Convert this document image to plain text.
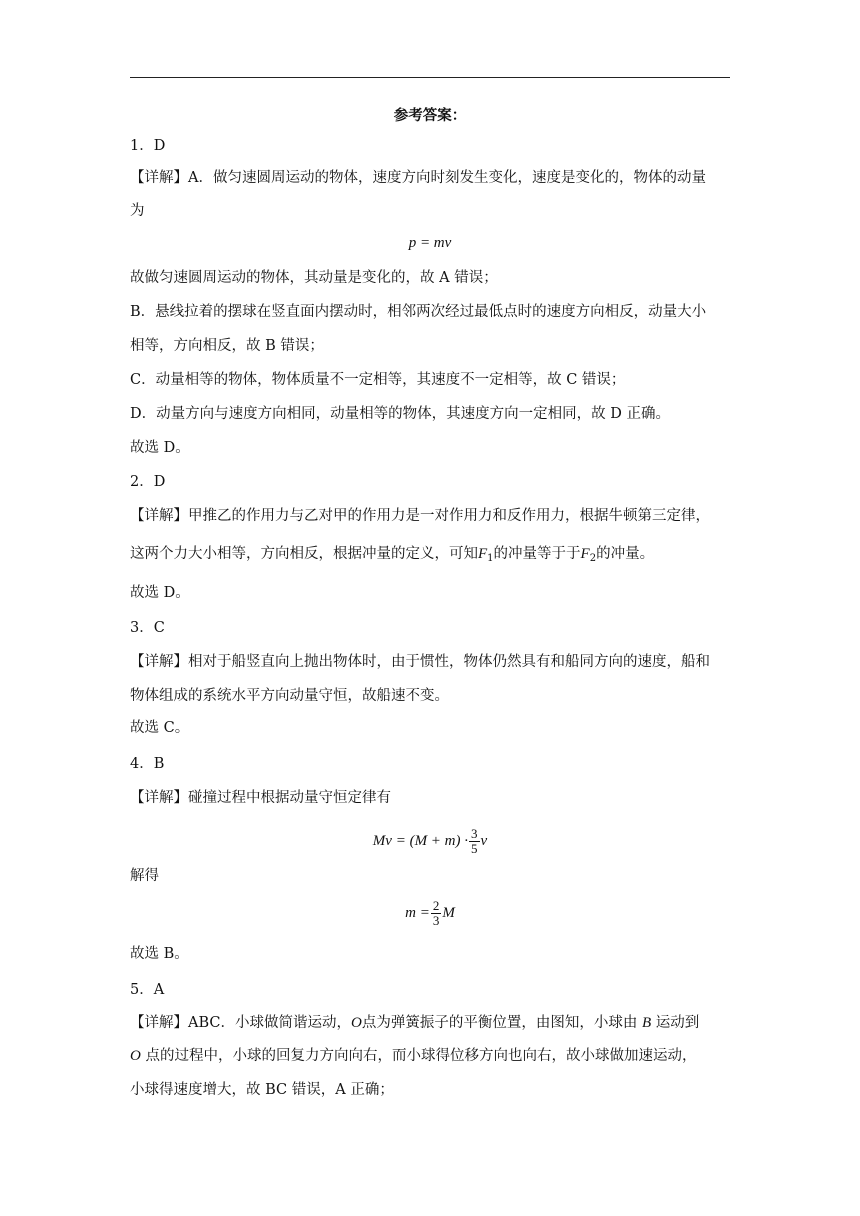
参考答案：
1．D
【详解】A．做匀速圆周运动的物体，速度方向时刻发生变化，速度是变化的，物体的动量
为
p = mv
故做匀速圆周运动的物体，其动量是变化的，故 A 错误；
B．悬线拉着的摆球在竖直面内摆动时，相邻两次经过最低点时的速度方向相反，动量大小
相等，方向相反，故 B 错误；
C．动量相等的物体，物体质量不一定相等，其速度不一定相等，故 C 错误；
D．动量方向与速度方向相同，动量相等的物体，其速度方向一定相同，故 D 正确。
故选 D。
2．D
【详解】甲推乙的作用力与乙对甲的作用力是一对作用力和反作用力，根据牛顿第三定律，
这两个力大小相等，方向相反，根据冲量的定义，可知$F_1$的冲量等于于$F_2$的冲量。
故选 D。
3．C
【详解】相对于船竖直向上抛出物体时，由于惯性，物体仍然具有和船同方向的速度，船和
物体组成的系统水平方向动量守恒，故船速不变。
故选 C。
4．B
【详解】碰撞过程中根据动量守恒定律有
$Mv = (M + m) \cdot \frac{3}{5}$ v
解得
$m = \frac{2}{3}$ M
故选 B。
5．A
【详解】ABC．小球做简谐运动，O点为弹簧振子的平衡位置，由图知，小球由 B 运动到
O 点的过程中，小球的回复力方向向右，而小球得位移方向也向右，故小球做加速运动，
小球得速度增大，故 BC 错误，A 正确；
